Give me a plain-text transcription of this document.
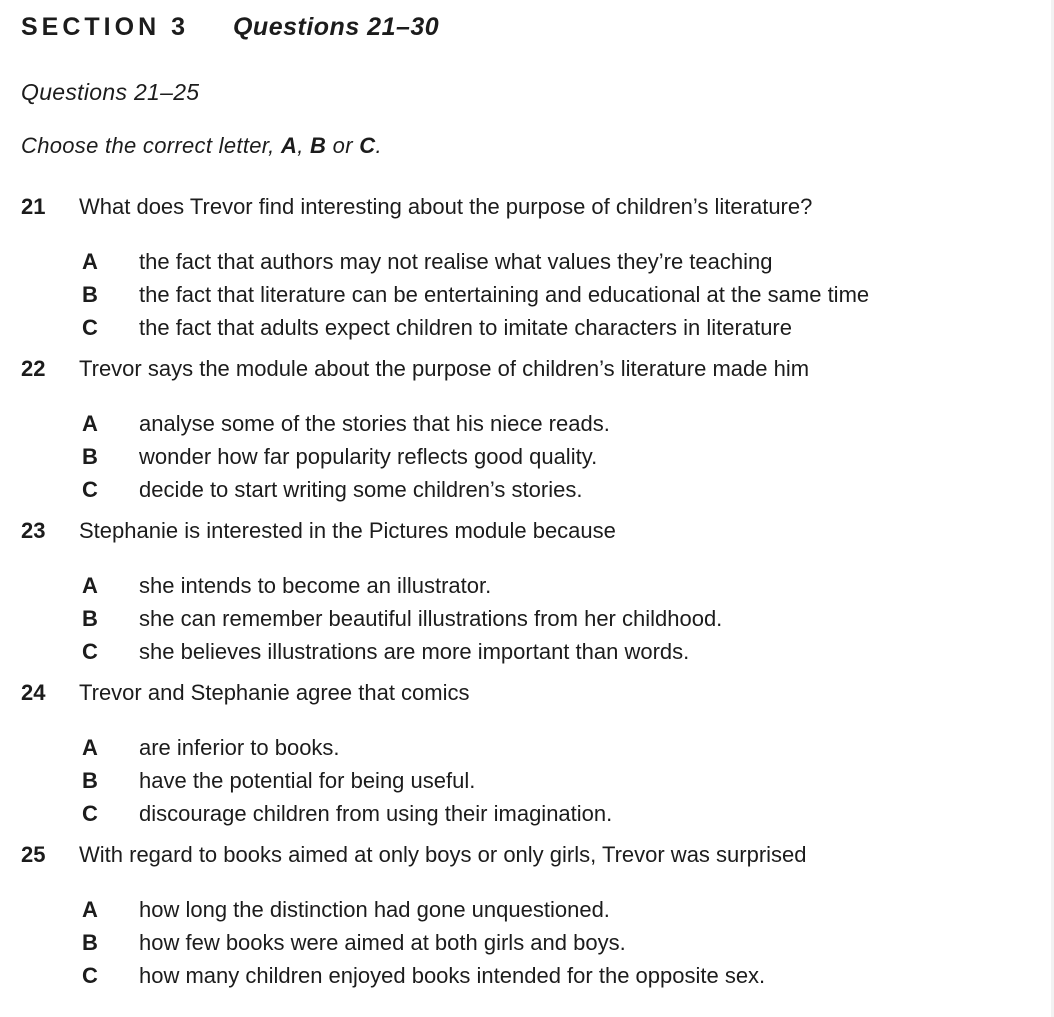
SECTION 3 Questions 21–30
Questions 21–25
Choose the correct letter, A, B or C.
21	What does Trevor find interesting about the purpose of children’s literature?
A	the fact that authors may not realise what values they’re teaching
B	the fact that literature can be entertaining and educational at the same time
C	the fact that adults expect children to imitate characters in literature
22	Trevor says the module about the purpose of children’s literature made him
A	analyse some of the stories that his niece reads.
B	wonder how far popularity reflects good quality.
C	decide to start writing some children’s stories.
23	Stephanie is interested in the Pictures module because
A	she intends to become an illustrator.
B	she can remember beautiful illustrations from her childhood.
C	she believes illustrations are more important than words.
24	Trevor and Stephanie agree that comics
A	are inferior to books.
B	have the potential for being useful.
C	discourage children from using their imagination.
25	With regard to books aimed at only boys or only girls, Trevor was surprised
A	how long the distinction had gone unquestioned.
B	how few books were aimed at both girls and boys.
C	how many children enjoyed books intended for the opposite sex.
